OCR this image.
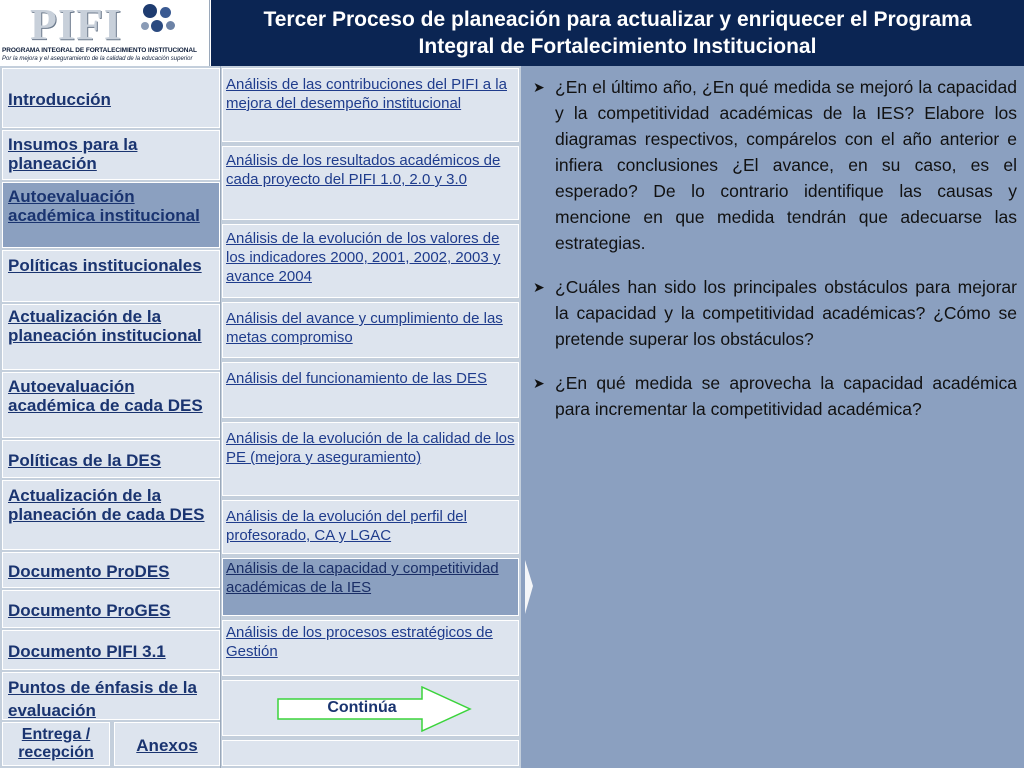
PIFI
PROGRAMA INTEGRAL DE FORTALECIMIENTO INSTITUCIONAL
Por la mejora y el aseguramiento de la calidad de la educación superior
Tercer Proceso de planeación para actualizar y enriquecer el Programa Integral de Fortalecimiento Institucional
Introducción
Insumos para la planeación
Autoevaluación académica institucional
Políticas institucionales
Actualización de la planeación institucional
Autoevaluación académica de cada DES
Políticas de la DES
Actualización de la planeación de cada DES
Documento ProDES
Documento ProGES
Documento PIFI 3.1
Puntos de énfasis de la evaluación
Entrega / recepción	Anexos
Análisis de las contribuciones del PIFI a la mejora del desempeño institucional
Análisis de los resultados académicos de cada proyecto del PIFI 1.0, 2.0 y 3.0
Análisis de la evolución de los valores de los indicadores 2000, 2001, 2002, 2003 y avance 2004
Análisis del avance y cumplimiento de las metas compromiso
Análisis del funcionamiento de las DES
Análisis de la evolución de la calidad de los PE (mejora y aseguramiento)
Análisis de la evolución del perfil del profesorado, CA y LGAC
Análisis de la capacidad y competitividad académicas de la IES
Análisis de los procesos estratégicos de Gestión
Continúa
➤ ¿En el último año, ¿En qué medida se mejoró la capacidad y la competitividad académicas de la IES? Elabore los diagramas respectivos, compárelos con el año anterior e infiera conclusiones ¿El avance, en su caso, es el esperado? De lo contrario identifique las causas y mencione en que medida tendrán que adecuarse las estrategias.
➤ ¿Cuáles han sido los principales obstáculos para mejorar la capacidad y la competitividad académicas? ¿Cómo se pretende superar los obstáculos?
➤ ¿En qué medida se aprovecha la capacidad académica para incrementar la competitividad académica?
